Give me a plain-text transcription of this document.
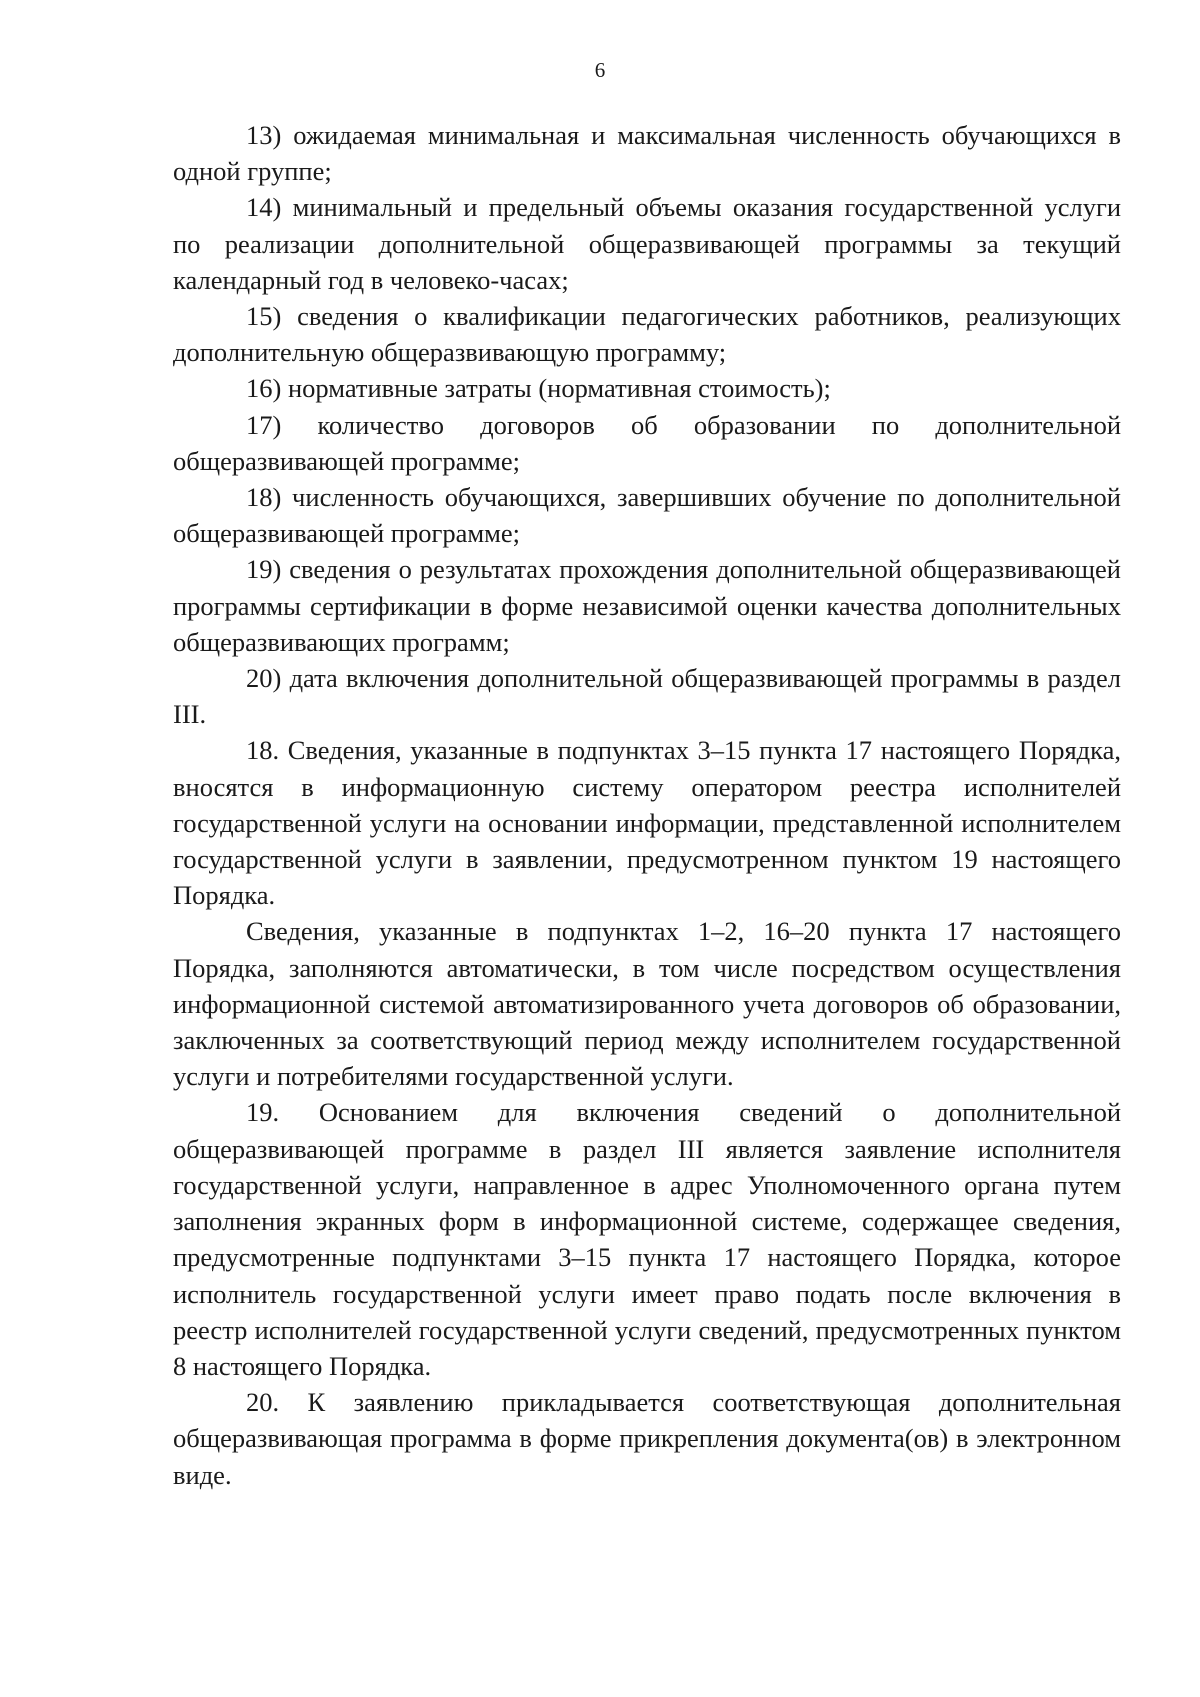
6

13) ожидаемая минимальная и максимальная численность обучающихся в одной группе;

14) минимальный и предельный объемы оказания государственной услуги по реализации дополнительной общеразвивающей программы за текущий календарный год в человеко-часах;

15) сведения о квалификации педагогических работников, реализующих дополнительную общеразвивающую программу;

16) нормативные затраты (нормативная стоимость);

17) количество договоров об образовании по дополнительной общеразвивающей программе;

18) численность обучающихся, завершивших обучение по дополнительной общеразвивающей программе;

19) сведения о результатах прохождения дополнительной общеразвивающей программы сертификации в форме независимой оценки качества дополнительных общеразвивающих программ;

20) дата включения дополнительной общеразвивающей программы в раздел III.

18. Сведения, указанные в подпунктах 3–15 пункта 17 настоящего Порядка, вносятся в информационную систему оператором реестра исполнителей государственной услуги на основании информации, представленной исполнителем государственной услуги в заявлении, предусмотренном пунктом 19 настоящего Порядка.

Сведения, указанные в подпунктах 1–2, 16–20 пункта 17 настоящего Порядка, заполняются автоматически, в том числе посредством осуществления информационной системой автоматизированного учета договоров об образовании, заключенных за соответствующий период между исполнителем государственной услуги и потребителями государственной услуги.

19. Основанием для включения сведений о дополнительной общеразвивающей программе в раздел III является заявление исполнителя государственной услуги, направленное в адрес Уполномоченного органа путем заполнения экранных форм в информационной системе, содержащее сведения, предусмотренные подпунктами 3–15 пункта 17 настоящего Порядка, которое исполнитель государственной услуги имеет право подать после включения в реестр исполнителей государственной услуги сведений, предусмотренных пунктом 8 настоящего Порядка.

20. К заявлению прикладывается соответствующая дополнительная общеразвивающая программа в форме прикрепления документа(ов) в электронном виде.
